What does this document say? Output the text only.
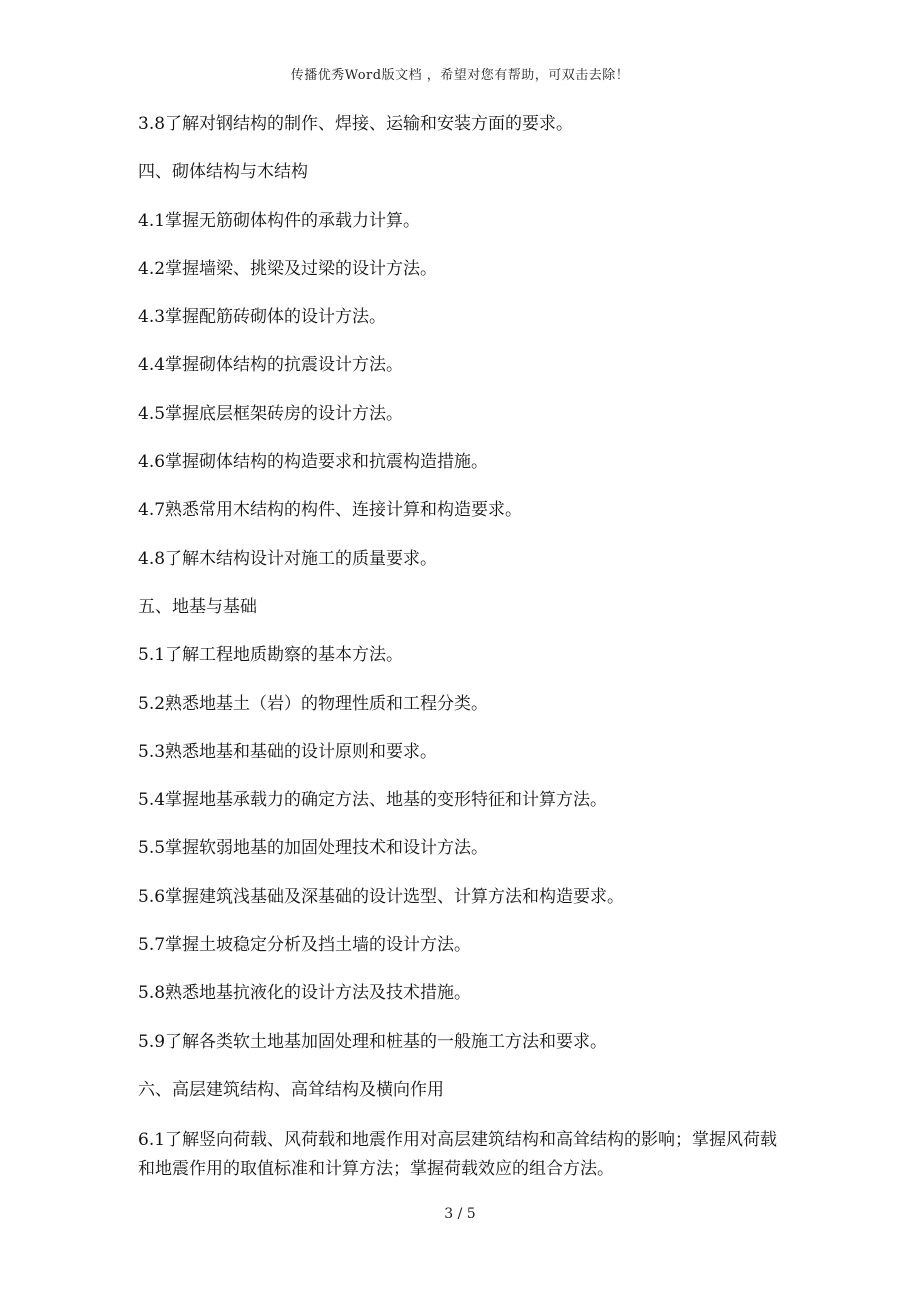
传播优秀Word版文档 ，希望对您有帮助，可双击去除！
3.8了解对钢结构的制作、焊接、运输和安装方面的要求。
四、砌体结构与木结构
4.1掌握无筋砌体构件的承载力计算。
4.2掌握墙梁、挑梁及过梁的设计方法。
4.3掌握配筋砖砌体的设计方法。
4.4掌握砌体结构的抗震设计方法。
4.5掌握底层框架砖房的设计方法。
4.6掌握砌体结构的构造要求和抗震构造措施。
4.7熟悉常用木结构的构件、连接计算和构造要求。
4.8了解木结构设计对施工的质量要求。
五、地基与基础
5.1了解工程地质勘察的基本方法。
5.2熟悉地基土（岩）的物理性质和工程分类。
5.3熟悉地基和基础的设计原则和要求。
5.4掌握地基承载力的确定方法、地基的变形特征和计算方法。
5.5掌握软弱地基的加固处理技术和设计方法。
5.6掌握建筑浅基础及深基础的设计选型、计算方法和构造要求。
5.7掌握土坡稳定分析及挡土墙的设计方法。
5.8熟悉地基抗液化的设计方法及技术措施。
5.9了解各类软土地基加固处理和桩基的一般施工方法和要求。
六、高层建筑结构、高耸结构及横向作用
6.1了解竖向荷载、风荷载和地震作用对高层建筑结构和高耸结构的影响；掌握风荷载和地震作用的取值标准和计算方法；掌握荷载效应的组合方法。
3 / 5
